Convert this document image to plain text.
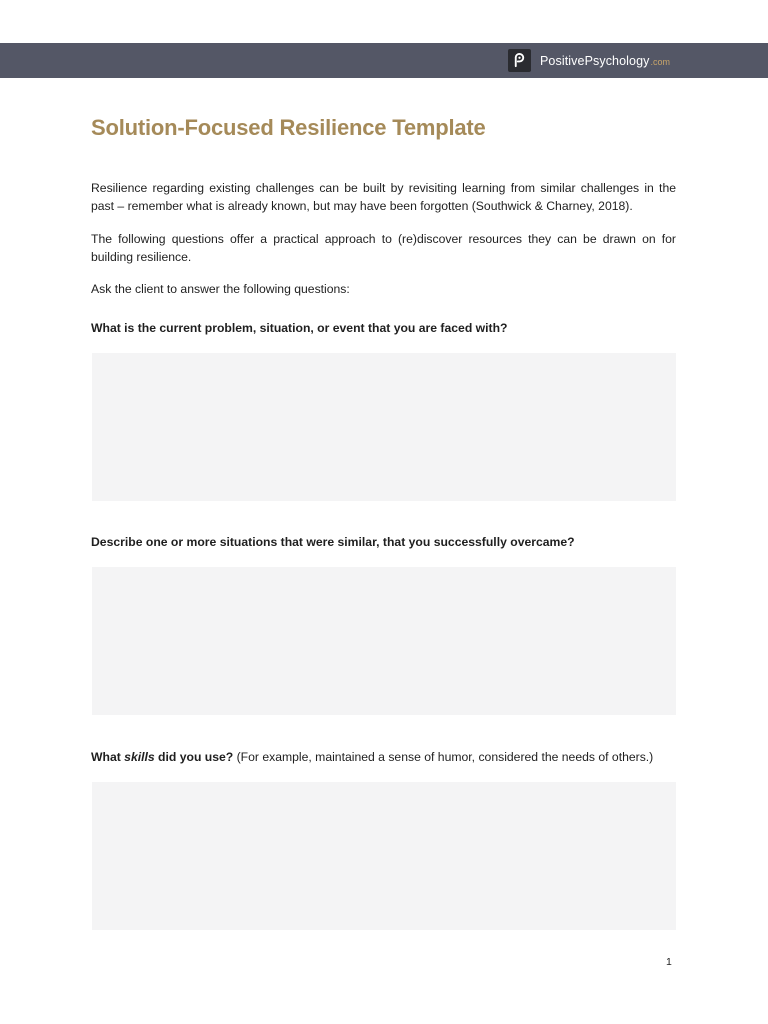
PositivePsychology .com
Solution-Focused Resilience Template

Resilience regarding existing challenges can be built by revisiting learning from similar challenges in the past – remember what is already known, but may have been forgotten (Southwick & Charney, 2018).

The following questions offer a practical approach to (re)discover resources they can be drawn on for building resilience.

Ask the client to answer the following questions:

What is the current problem, situation, or event that you are faced with?

Describe one or more situations that were similar, that you successfully overcame?

What skills did you use? (For example, maintained a sense of humor, considered the needs of others.)

1
